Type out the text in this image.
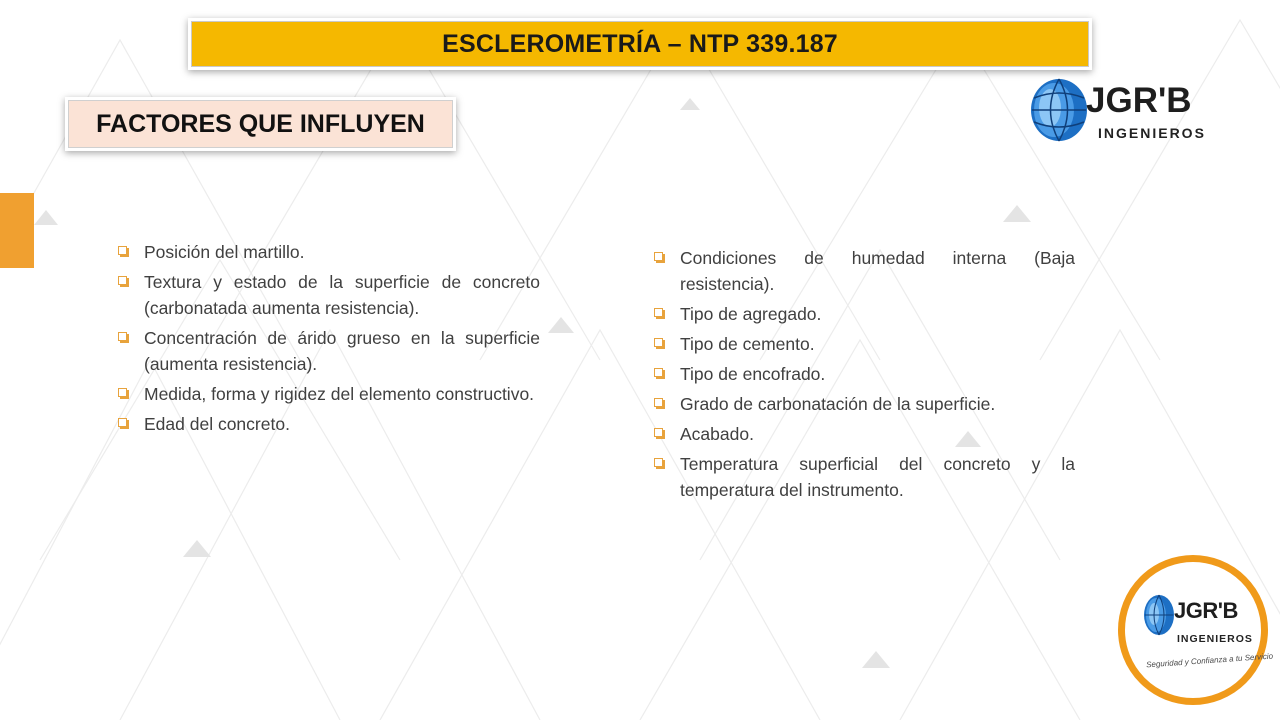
ESCLEROMETRÍA – NTP 339.187
FACTORES QUE INFLUYEN
Posición del martillo.
Textura y estado de la superficie de concreto (carbonatada aumenta resistencia).
Concentración de árido grueso en la superficie (aumenta resistencia).
Medida, forma y rigidez del elemento constructivo.
Edad del concreto.
Condiciones de humedad interna (Baja resistencia).
Tipo de agregado.
Tipo de cemento.
Tipo de encofrado.
Grado de carbonatación de la superficie.
Acabado.
Temperatura superficial del concreto y la temperatura del instrumento.
JGR'B
INGENIEROS
JGR'B
INGENIEROS
Seguridad y Confianza a tu Servicio
